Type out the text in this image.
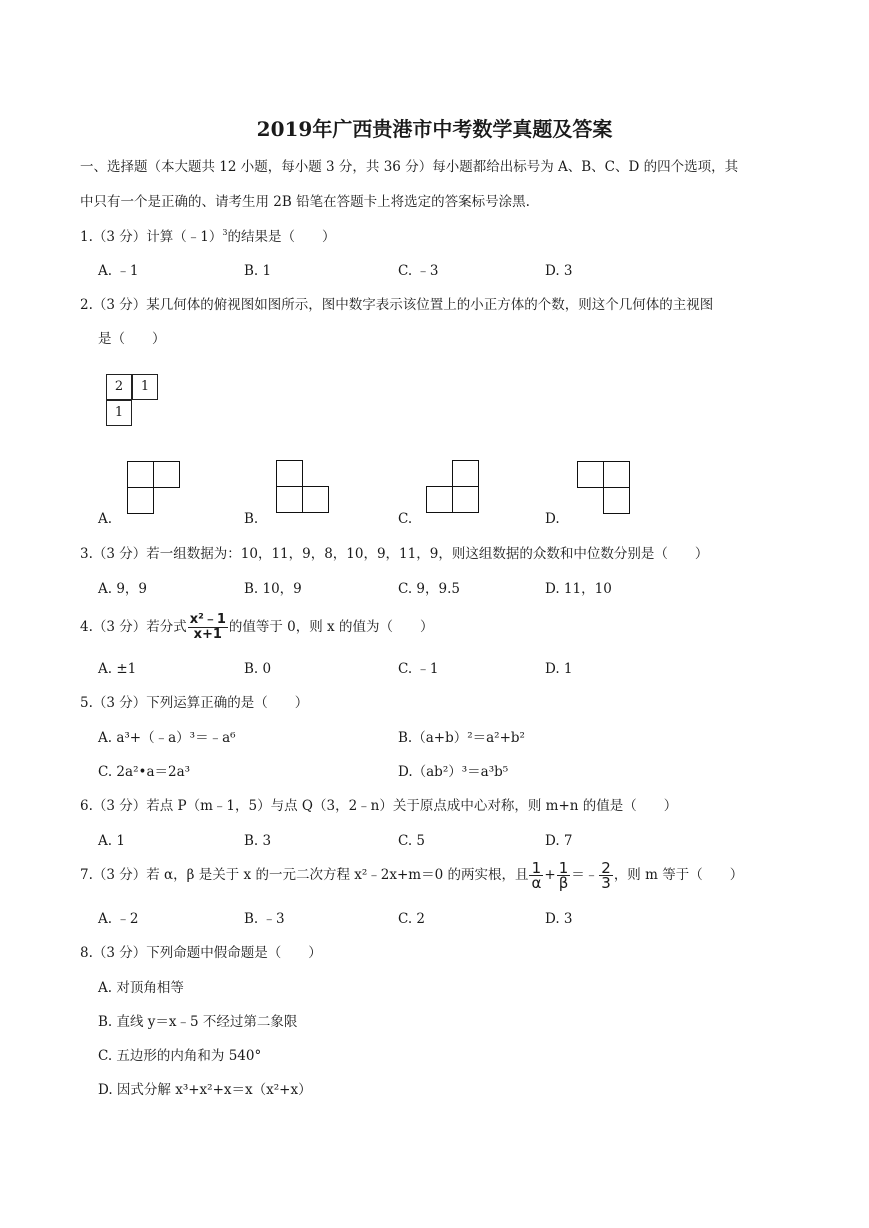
2019年广西贵港市中考数学真题及答案
一、选择题（本大题共 12 小题，每小题 3 分，共 36 分）每小题都给出标号为 A、B、C、D 的四个选项，其
中只有一个是正确的、请考生用 2B 铅笔在答题卡上将选定的答案标号涂黑.
1.（3 分）计算（﹣1）$^3$的结果是（　　）
A. ﹣1	B. 1	C. ﹣3	D. 3
2.（3 分）某几何体的俯视图如图所示，图中数字表示该位置上的小正方体的个数，则这个几何体的主视图
是（　　）
2	1
1
A.	B.	C.	D.
3.（3 分）若一组数据为：10，11，9，8，10，9，11，9，则这组数据的众数和中位数分别是（　　）
A. 9，9	B. 10，9	C. 9，9.5	D. 11，10
4.（3 分）若分式 $\frac{\text{x²﹣1}}{x+1}$ 的值等于 0，则 x 的值为（　　）
A. ±1	B. 0	C. ﹣1	D. 1
5.（3 分）下列运算正确的是（　　）
A. a³+（﹣a）³＝﹣a⁶	B.（a+b）²＝a²+b²
C. 2a²•a＝2a³	D.（ab²）³＝a³b⁵
6.（3 分）若点 P（m﹣1，5）与点 Q（3，2﹣n）关于原点成中心对称，则 m+n 的值是（　　）
A. 1	B. 3	C. 5	D. 7
7.（3 分）若 α，β 是关于 x 的一元二次方程 x²﹣2x+m＝0 的两实根，且 $\frac{1}{\alpha} + \frac{1}{\beta}$ ＝﹣ $\frac{2}{3}$ ，则 m 等于（　　）
A. ﹣2	B. ﹣3	C. 2	D. 3
8.（3 分）下列命题中假命题是（　　）
A. 对顶角相等
B. 直线 y＝x﹣5 不经过第二象限
C. 五边形的内角和为 540°
D. 因式分解 x³+x²+x＝x（x²+x）
